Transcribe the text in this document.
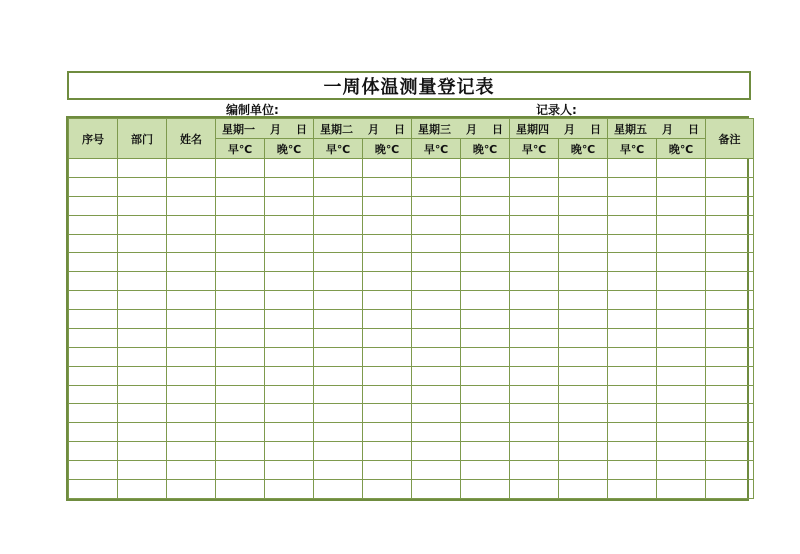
一周体温测量登记表
编制单位:	记录人:
序号	部门	姓名	星期一 月 日		星期二 月 日		星期三 月 日		星期四 月 日		星期五 月 日		备注
			早℃	晚℃	早℃	晚℃	早℃	晚℃	早℃	晚℃	早℃	晚℃	
